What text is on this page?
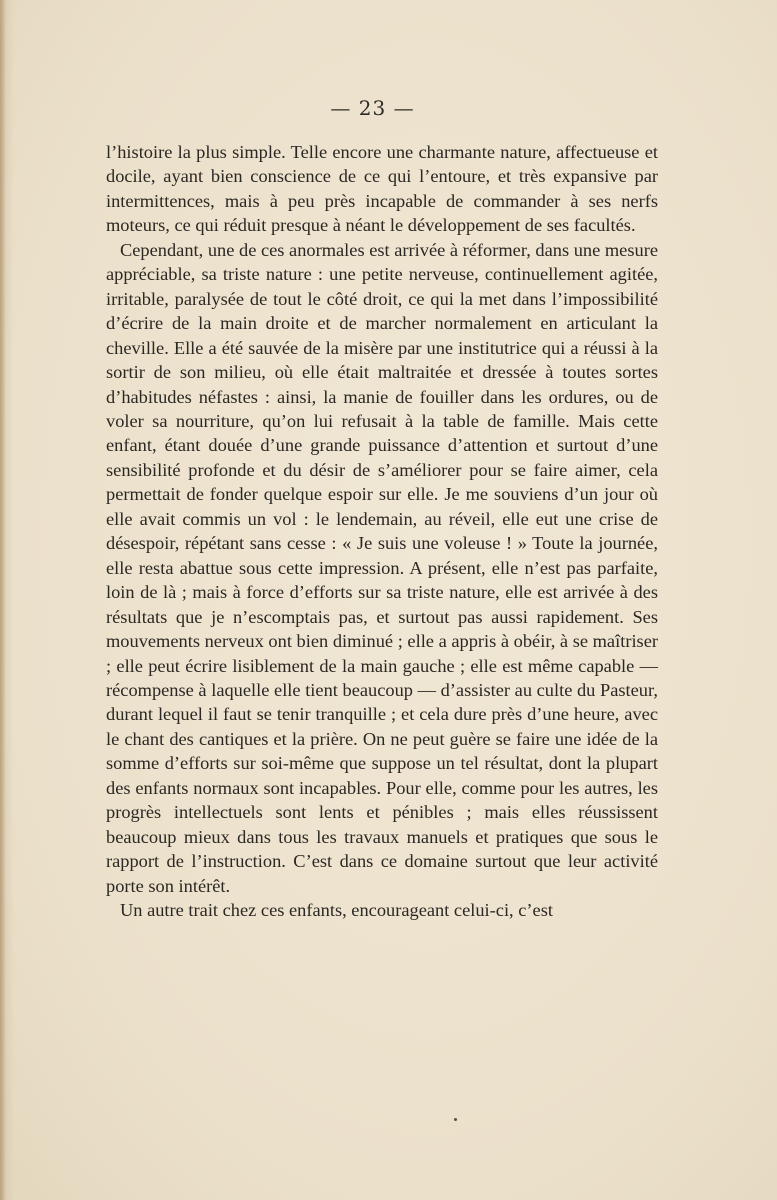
— 23 —

l’histoire la plus simple. Telle encore une charmante nature, affectueuse et docile, ayant bien conscience de ce qui l’entoure, et très expansive par intermittences, mais à peu près incapable de commander à ses nerfs moteurs, ce qui réduit presque à néant le développement de ses facultés.

Cependant, une de ces anormales est arrivée à réformer, dans une mesure appréciable, sa triste nature : une petite nerveuse, continuellement agitée, irritable, paralysée de tout le côté droit, ce qui la met dans l’impossibilité d’écrire de la main droite et de marcher normalement en articulant la cheville. Elle a été sauvée de la misère par une institutrice qui a réussi à la sortir de son milieu, où elle était maltraitée et dressée à toutes sortes d’habitudes néfastes : ainsi, la manie de fouiller dans les ordures, ou de voler sa nourriture, qu’on lui refusait à la table de famille. Mais cette enfant, étant douée d’une grande puissance d’attention et surtout d’une sensibilité profonde et du désir de s’améliorer pour se faire aimer, cela permettait de fonder quelque espoir sur elle. Je me souviens d’un jour où elle avait commis un vol : le lendemain, au réveil, elle eut une crise de désespoir, répétant sans cesse : « Je suis une voleuse ! » Toute la journée, elle resta abattue sous cette impression. A présent, elle n’est pas parfaite, loin de là ; mais à force d’efforts sur sa triste nature, elle est arrivée à des résultats que je n’escomptais pas, et surtout pas aussi rapidement. Ses mouvements nerveux ont bien diminué ; elle a appris à obéir, à se maîtriser ; elle peut écrire lisiblement de la main gauche ; elle est même capable — récompense à laquelle elle tient beaucoup — d’assister au culte du Pasteur, durant lequel il faut se tenir tranquille ; et cela dure près d’une heure, avec le chant des cantiques et la prière. On ne peut guère se faire une idée de la somme d’efforts sur soi-même que suppose un tel résultat, dont la plupart des enfants normaux sont incapables. Pour elle, comme pour les autres, les progrès intellectuels sont lents et pénibles ; mais elles réussissent beaucoup mieux dans tous les travaux manuels et pratiques que sous le rapport de l’instruction. C’est dans ce domaine surtout que leur activité porte son intérêt.

Un autre trait chez ces enfants, encourageant celui-ci, c’est
